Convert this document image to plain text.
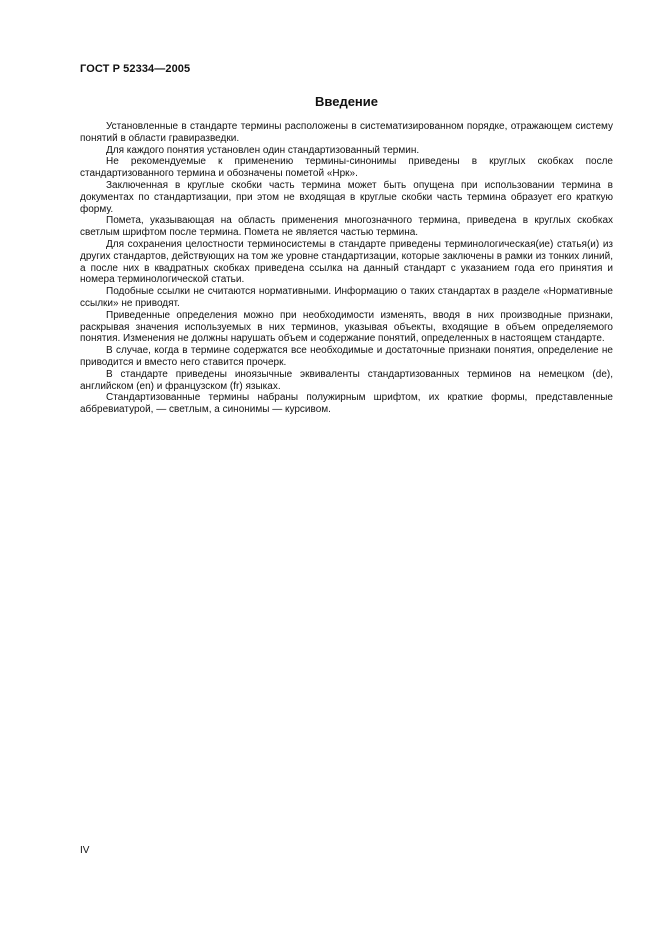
ГОСТ Р 52334—2005
Введение

Установленные в стандарте термины расположены в систематизированном порядке, отражающем систему понятий в области гравиразведки.

Для каждого понятия установлен один стандартизованный термин.

Не рекомендуемые к применению термины-синонимы приведены в круглых скобках после стандартизованного термина и обозначены пометой «Нрк».

Заключенная в круглые скобки часть термина может быть опущена при использовании термина в документах по стандартизации, при этом не входящая в круглые скобки часть термина образует его краткую форму.

Помета, указывающая на область применения многозначного термина, приведена в круглых скобках светлым шрифтом после термина. Помета не является частью термина.

Для сохранения целостности терминосистемы в стандарте приведены терминологическая(ие) статья(и) из других стандартов, действующих на том же уровне стандартизации, которые заключены в рамки из тонких линий, а после них в квадратных скобках приведена ссылка на данный стандарт с указанием года его принятия и номера терминологической статьи.

Подобные ссылки не считаются нормативными. Информацию о таких стандартах в разделе «Нормативные ссылки» не приводят.

Приведенные определения можно при необходимости изменять, вводя в них производные признаки, раскрывая значения используемых в них терминов, указывая объекты, входящие в объем определяемого понятия. Изменения не должны нарушать объем и содержание понятий, определенных в настоящем стандарте.

В случае, когда в термине содержатся все необходимые и достаточные признаки понятия, определение не приводится и вместо него ставится прочерк.

В стандарте приведены иноязычные эквиваленты стандартизованных терминов на немецком (de), английском (en) и французском (fr) языках.

Стандартизованные термины набраны полужирным шрифтом, их краткие формы, представленные аббревиатурой, — светлым, а синонимы — курсивом.

IV
